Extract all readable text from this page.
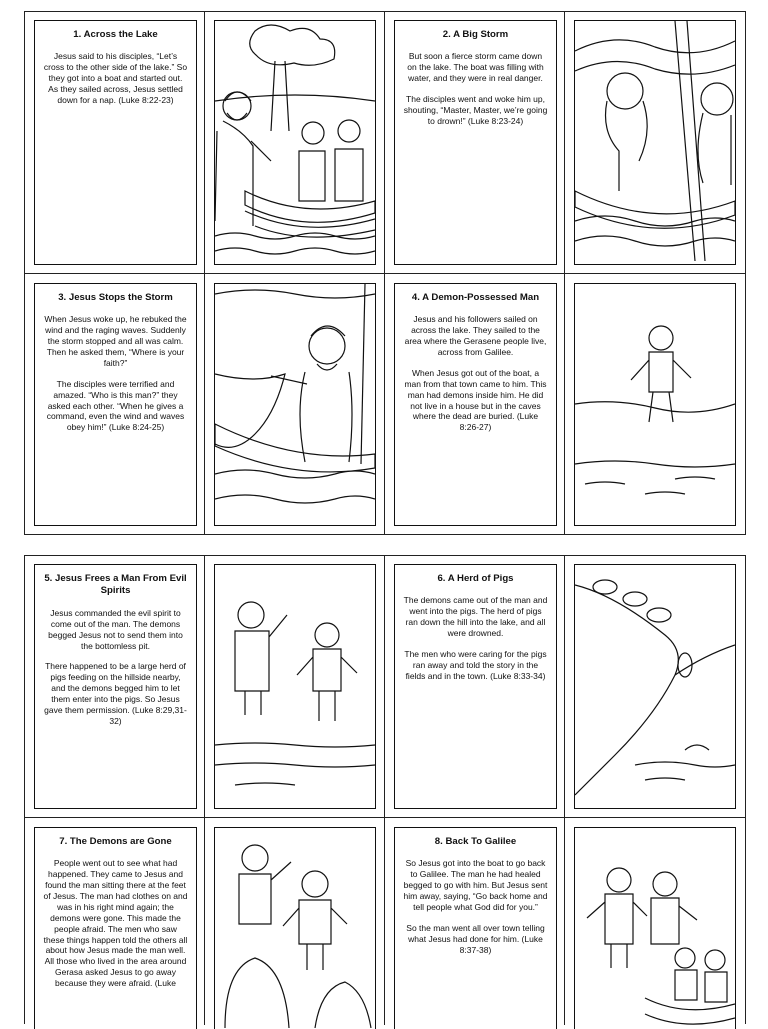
1. Across the Lake

Jesus said to his disciples, “Let’s cross to the other side of the lake.” So they got into a boat and started out. As they sailed across, Jesus settled down for a nap. (Luke 8:22-23)

2. A Big Storm

But soon a fierce storm came down on the lake. The boat was filling with water, and they were in real danger.

The disciples went and woke him up, shouting, “Master, Master, we’re going to drown!” (Luke 8:23-24)

3. Jesus Stops the Storm

When Jesus woke up, he rebuked the wind and the raging waves. Suddenly the storm stopped and all was calm. Then he asked them, “Where is your faith?”

The disciples were terrified and amazed. “Who is this man?” they asked each other. “When he gives a command, even the wind and waves obey him!” (Luke 8:24-25)

4. A Demon-Possessed Man

Jesus and his followers sailed on across the lake. They sailed to the area where the Gerasene people live, across from Galilee.

When Jesus got out of the boat, a man from that town came to him. This man had demons inside him. He did not live in a house but in the caves where the dead are buried. (Luke 8:26-27)

5. Jesus Frees a Man From Evil Spirits

Jesus commanded the evil spirit to come out of the man. The demons begged Jesus not to send them into the bottomless pit.

There happened to be a large herd of pigs feeding on the hillside nearby, and the demons begged him to let them enter into the pigs. So Jesus gave them permission. (Luke 8:29,31-32)

6. A Herd of Pigs

The demons came out of the man and went into the pigs. The herd of pigs ran down the hill into the lake, and all were drowned.

The men who were caring for the pigs ran away and told the story in the fields and in the town. (Luke 8:33-34)

7. The Demons are Gone

People went out to see what had happened. They came to Jesus and found the man sitting there at the feet of Jesus. The man had clothes on and was in his right mind again; the demons were gone. This made the people afraid. The men who saw these things happen told the others all about how Jesus made the man well. All those who lived in the area around Gerasa asked Jesus to go away because they were afraid. (Luke

8. Back To Galilee

So Jesus got into the boat to go back to Galilee. The man he had healed begged to go with him. But Jesus sent him away, saying, “Go back home and tell people what God did for you.”

So the man went all over town telling what Jesus had done for him. (Luke 8:37-38)
